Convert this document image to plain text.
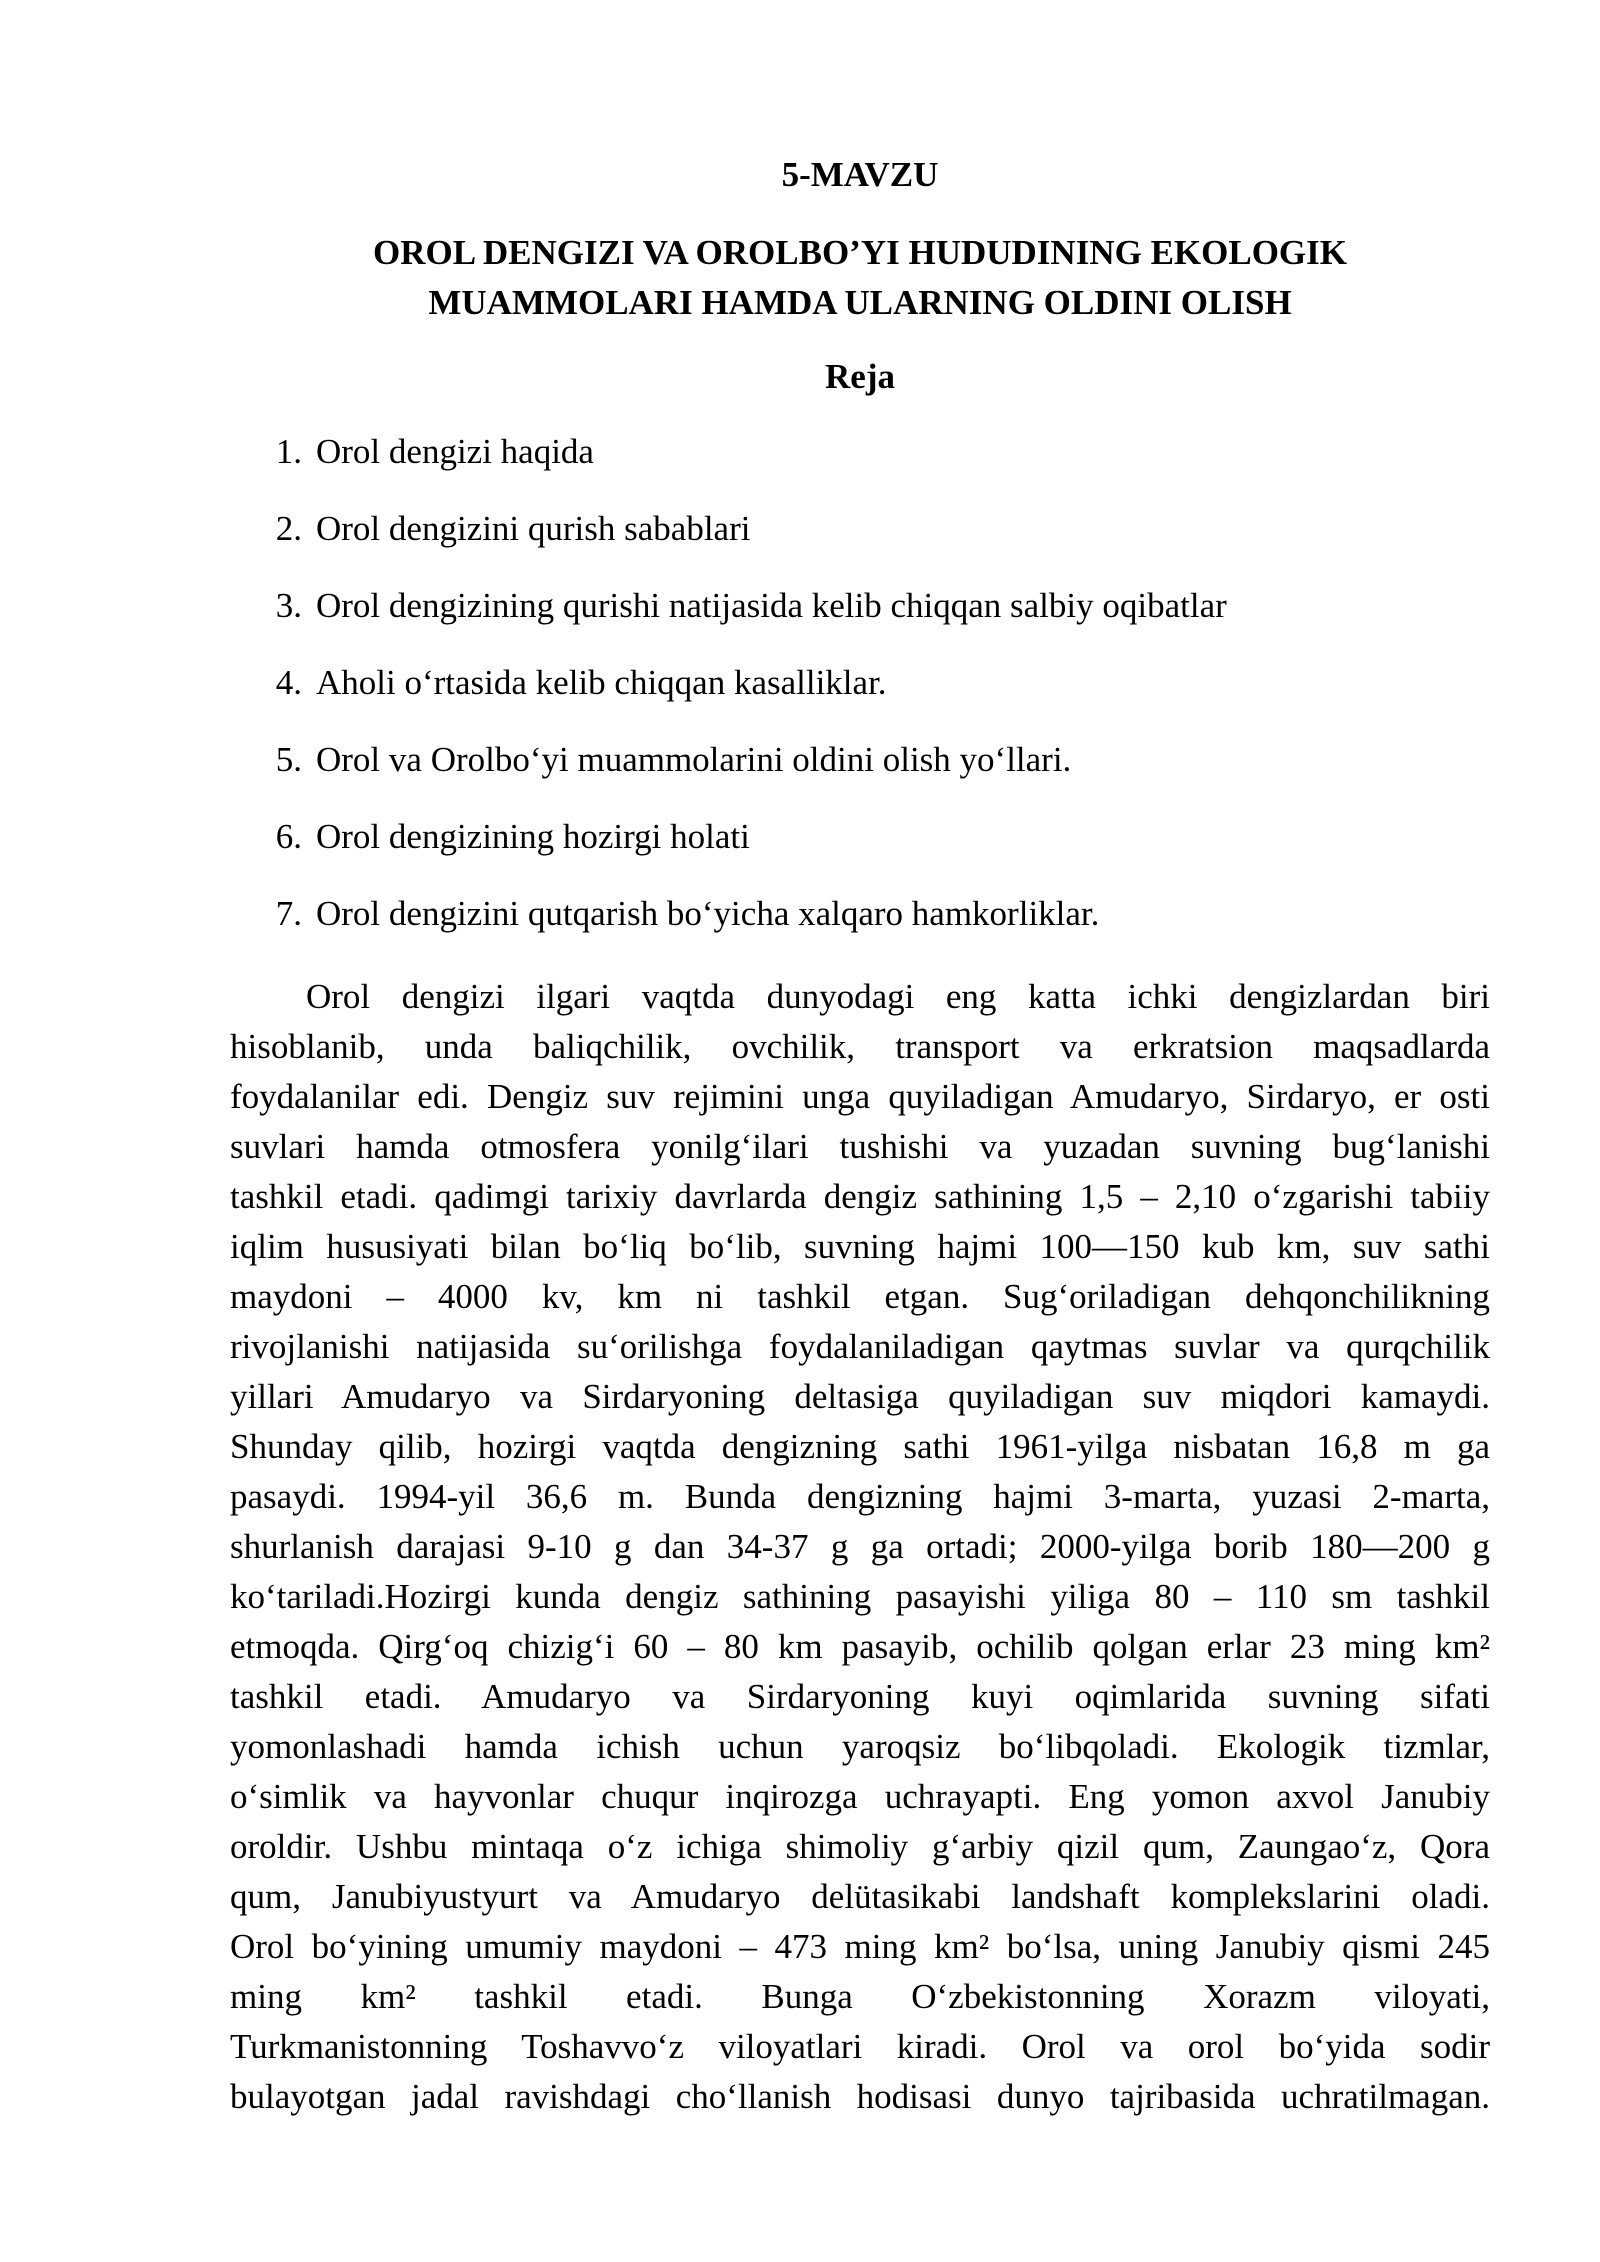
5-MAVZU
OROL DENGIZI VA OROLBO’YI HUDUDINING EKOLOGIK
MUAMMOLARI HAMDA ULARNING OLDINI OLISH
Reja
1. Orol dengizi haqida
2. Orol dengizini qurish sabablari
3. Orol dengizining qurishi natijasida kelib chiqqan salbiy oqibatlar
4. Aholi o‘rtasida kelib chiqqan kasalliklar.
5. Orol va Orolbo‘yi muammolarini oldini olish yo‘llari.
6. Orol dengizining hozirgi holati
7. Orol dengizini qutqarish bo‘yicha xalqaro hamkorliklar.
Orol dengizi ilgari vaqtda dunyodagi eng katta ichki dengizlardan biri
hisoblanib, unda baliqchilik, ovchilik, transport va erkratsion maqsadlarda
foydalanilar edi. Dengiz suv rejimini unga quyiladigan Amudaryo, Sirdaryo, er osti
suvlari hamda otmosfera yonilg‘ilari tushishi va yuzadan suvning bug‘lanishi
tashkil etadi. qadimgi tarixiy davrlarda dengiz sathining 1,5 – 2,10 o‘zgarishi tabiiy
iqlim hususiyati bilan bo‘liq bo‘lib, suvning hajmi 100—150 kub km, suv sathi
maydoni – 4000 kv, km ni tashkil etgan. Sug‘oriladigan dehqonchilikning
rivojlanishi natijasida su‘orilishga foydalaniladigan qaytmas suvlar va qurqchilik
yillari Amudaryo va Sirdaryoning deltasiga quyiladigan suv miqdori kamaydi.
Shunday qilib, hozirgi vaqtda dengizning sathi 1961-yilga nisbatan 16,8 m ga
pasaydi. 1994-yil 36,6 m. Bunda dengizning hajmi 3-marta, yuzasi 2-marta,
shurlanish darajasi 9-10 g dan 34-37 g ga ortadi; 2000-yilga borib 180—200 g
ko‘tariladi.Hozirgi kunda dengiz sathining pasayishi yiliga 80 – 110 sm tashkil
etmoqda. Qirg‘oq chizig‘i 60 – 80 km pasayib, ochilib qolgan erlar 23 ming km²
tashkil etadi. Amudaryo va Sirdaryoning kuyi oqimlarida suvning sifati
yomonlashadi hamda ichish uchun yaroqsiz bo‘libqoladi. Ekologik tizmlar,
o‘simlik va hayvonlar chuqur inqirozga uchrayapti. Eng yomon axvol Janubiy
oroldir. Ushbu mintaqa o‘z ichiga shimoliy g‘arbiy qizil qum, Zaungao‘z, Qora
qum, Janubiyustyurt va Amudaryo delütasikabi landshaft komplekslarini oladi.
Orol bo‘yining umumiy maydoni – 473 ming km² bo‘lsa, uning Janubiy qismi 245
ming km² tashkil etadi. Bunga O‘zbekistonning Xorazm viloyati,
Turkmanistonning Toshavvo‘z viloyatlari kiradi. Orol va orol bo‘yida sodir
bulayotgan jadal ravishdagi cho‘llanish hodisasi dunyo tajribasida uchratilmagan.
